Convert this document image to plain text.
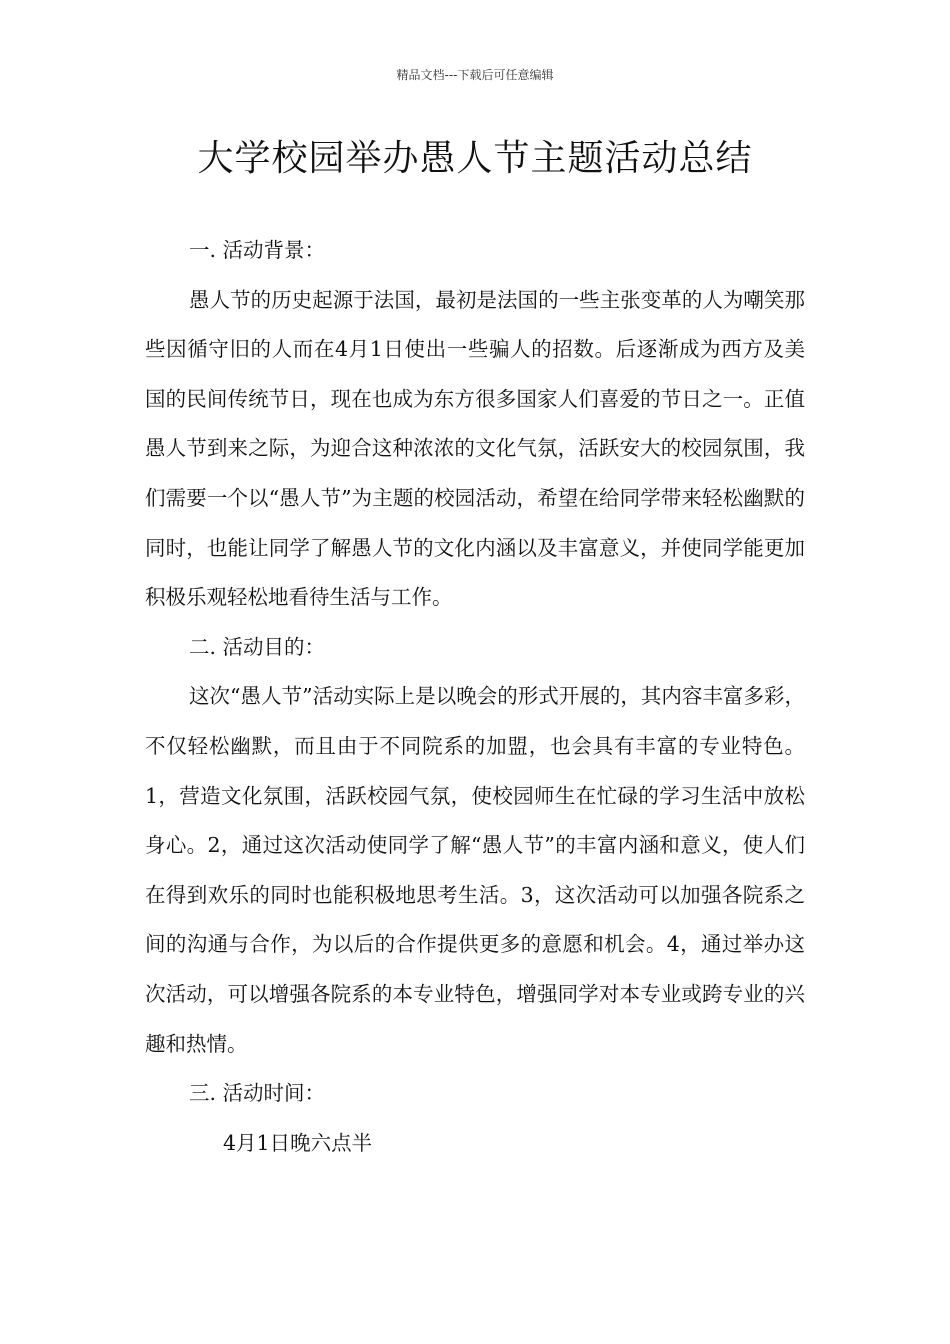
精品文档---下载后可任意编辑
大学校园举办愚人节主题活动总结

一. 活动背景：

愚人节的历史起源于法国，最初是法国的一些主张变革的人为嘲笑那些因循守旧的人而在4月1日使出一些骗人的招数。后逐渐成为西方及美国的民间传统节日，现在也成为东方很多国家人们喜爱的节日之一。正值愚人节到来之际，为迎合这种浓浓的文化气氛，活跃安大的校园氛围，我们需要一个以“愚人节”为主题的校园活动，希望在给同学带来轻松幽默的同时，也能让同学了解愚人节的文化内涵以及丰富意义，并使同学能更加积极乐观轻松地看待生活与工作。

二. 活动目的：

这次“愚人节”活动实际上是以晚会的形式开展的，其内容丰富多彩，不仅轻松幽默，而且由于不同院系的加盟，也会具有丰富的专业特色。1，营造文化氛围，活跃校园气氛，使校园师生在忙碌的学习生活中放松身心。2，通过这次活动使同学了解“愚人节”的丰富内涵和意义，使人们在得到欢乐的同时也能积极地思考生活。3，这次活动可以加强各院系之间的沟通与合作，为以后的合作提供更多的意愿和机会。4，通过举办这次活动，可以增强各院系的本专业特色，增强同学对本专业或跨专业的兴趣和热情。

三. 活动时间：

4月1日晚六点半
